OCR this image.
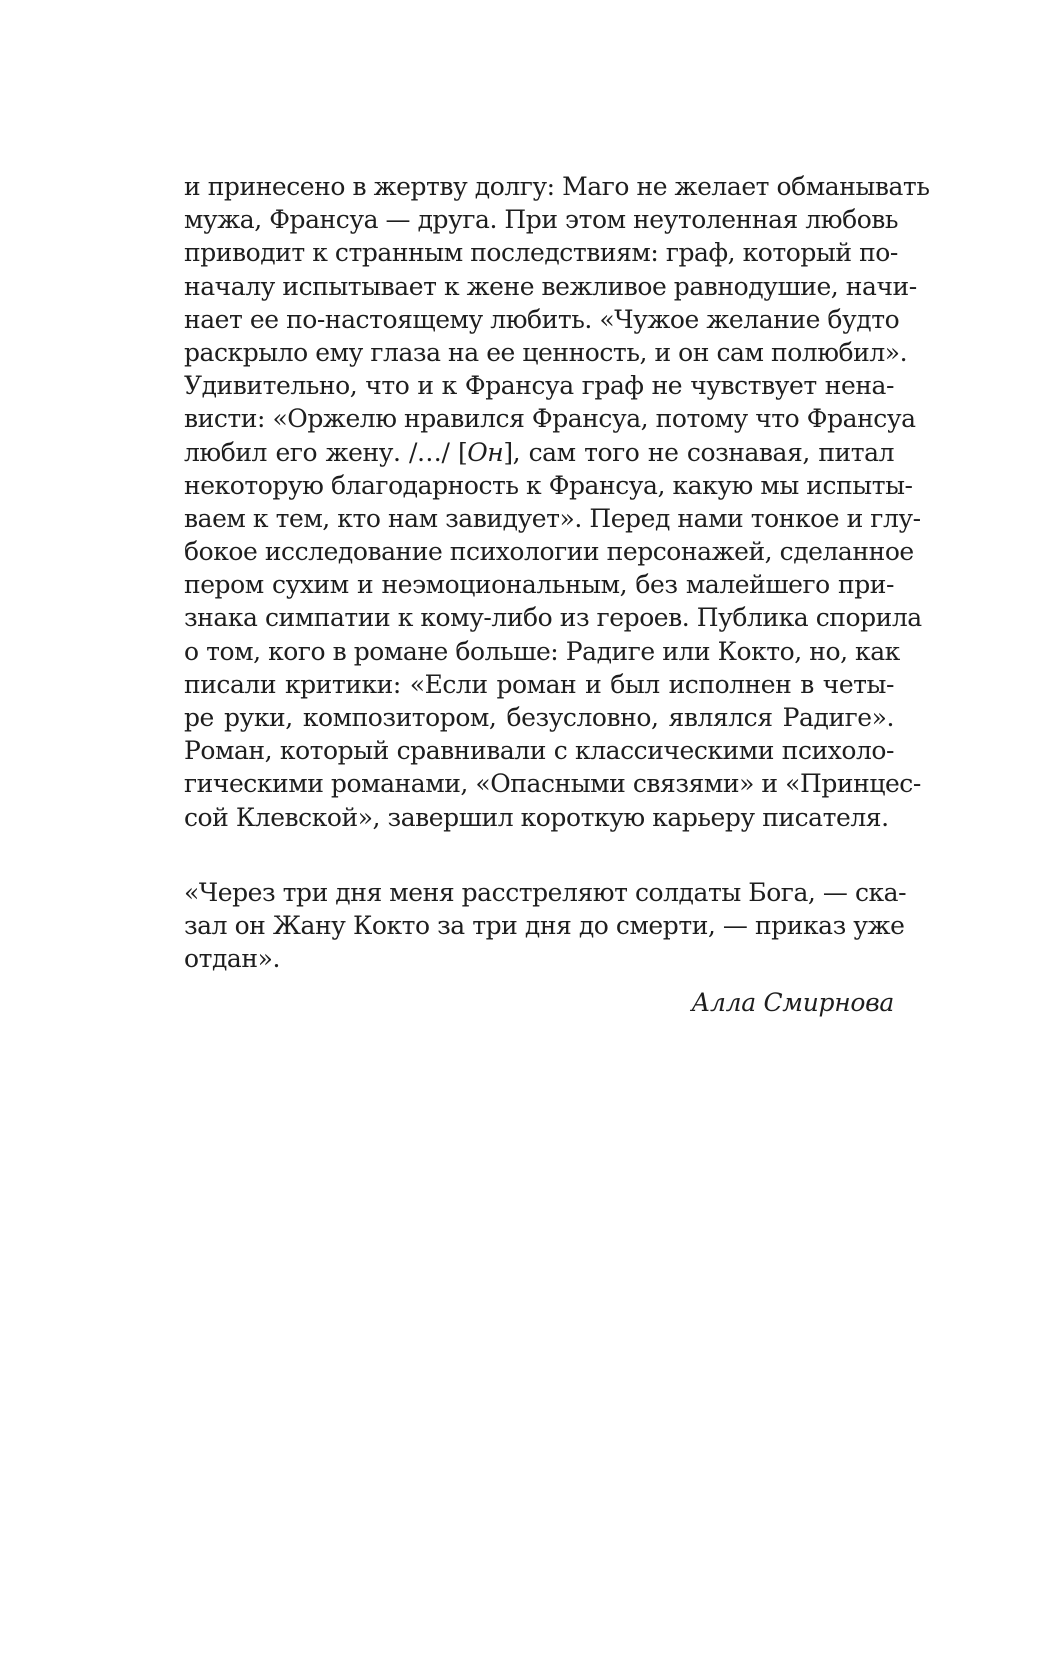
и принесено в жертву долгу: Маго не желает обманывать
мужа, Франсуа — друга. При этом неутоленная любовь
приводит к странным последствиям: граф, который по-
началу испытывает к жене вежливое равнодушие, начи-
нает ее по-настоящему любить. «Чужое желание будто
раскрыло ему глаза на ее ценность, и он сам полюбил».
Удивительно, что и к Франсуа граф не чувствует нена-
висти: «Оржелю нравился Франсуа, потому что Франсуа
любил его жену. /…/ [Он], сам того не сознавая, питал
некоторую благодарность к Франсуа, какую мы испыты-
ваем к тем, кто нам завидует». Перед нами тонкое и глу-
бокое исследование психологии персонажей, сделанное
пером сухим и неэмоциональным, без малейшего при-
знака симпатии к кому-либо из героев. Публика спорила
о том, кого в романе больше: Радиге или Кокто, но, как
писали критики: «Если роман и был исполнен в четы-
ре руки, композитором, безусловно, являлся Радиге».
Роман, который сравнивали с классическими психоло-
гическими романами, «Опасными связями» и «Принцес-
сой Клевской», завершил короткую карьеру писателя.
«Через три дня меня расстреляют солдаты Бога, — ска-
зал он Жану Кокто за три дня до смерти, — приказ уже
отдан».
Алла Смирнова
